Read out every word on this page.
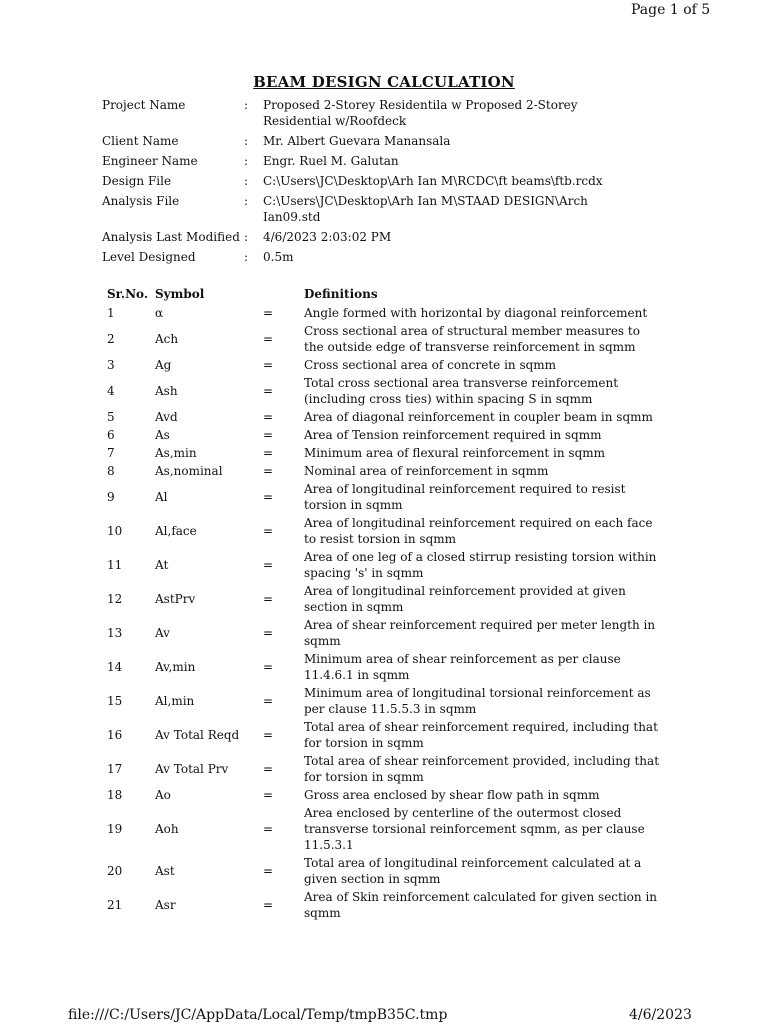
Page 1 of 5
BEAM DESIGN CALCULATION
Project Name	:	Proposed 2-Storey Residentila w Proposed 2-Storey Residential w/Roofdeck
Client Name	:	Mr. Albert Guevara Manansala
Engineer Name	:	Engr. Ruel M. Galutan
Design File	:	C:\Users\JC\Desktop\Arh Ian M\RCDC\ft beams\ftb.rcdx
Analysis File	:	C:\Users\JC\Desktop\Arh Ian M\STAAD DESIGN\Arch Ian09.std
Analysis Last Modified :	4/6/2023 2:03:02 PM
Level Designed	:	0.5m
Sr.No. Symbol	Definitions
1	α	=	Angle formed with horizontal by diagonal reinforcement
2	Ach	=
Cross sectional area of structural member measures to the outside edge of transverse reinforcement in sqmm
3	Ag	=	Cross sectional area of concrete in sqmm
4	Ash	=
Total cross sectional area transverse reinforcement (including cross ties) within spacing S in sqmm
5	Avd	=	Area of diagonal reinforcement in coupler beam in sqmm
6	As	=	Area of Tension reinforcement required in sqmm
7	As,min	=	Minimum area of flexural reinforcement in sqmm
8	As,nominal	=	Nominal area of reinforcement in sqmm
9	Al	=
Area of longitudinal reinforcement required to resist torsion in sqmm
10	Al,face	=
Area of longitudinal reinforcement required on each face to resist torsion in sqmm
11	At	=
Area of one leg of a closed stirrup resisting torsion within spacing 's' in sqmm
12	AstPrv	=
Area of longitudinal reinforcement provided at given section in sqmm
13	Av	=
Area of shear reinforcement required per meter length in sqmm
14	Av,min	=
Minimum area of shear reinforcement as per clause 11.4.6.1 in sqmm
15	Al,min	=
Minimum area of longitudinal torsional reinforcement as per clause 11.5.5.3 in sqmm
16	Av Total Reqd	=
Total area of shear reinforcement required, including that for torsion in sqmm
17	Av Total Prv	=
Total area of shear reinforcement provided, including that for torsion in sqmm
18	Ao	=	Gross area enclosed by shear flow path in sqmm
19	Aoh	=
Area enclosed by centerline of the outermost closed transverse torsional reinforcement sqmm, as per clause 11.5.3.1
20	Ast	=
Total area of longitudinal reinforcement calculated at a given section in sqmm
21	Asr	=
Area of Skin reinforcement calculated for given section in sqmm
file:///C:/Users/JC/AppData/Local/Temp/tmpB35C.tmp	4/6/2023
